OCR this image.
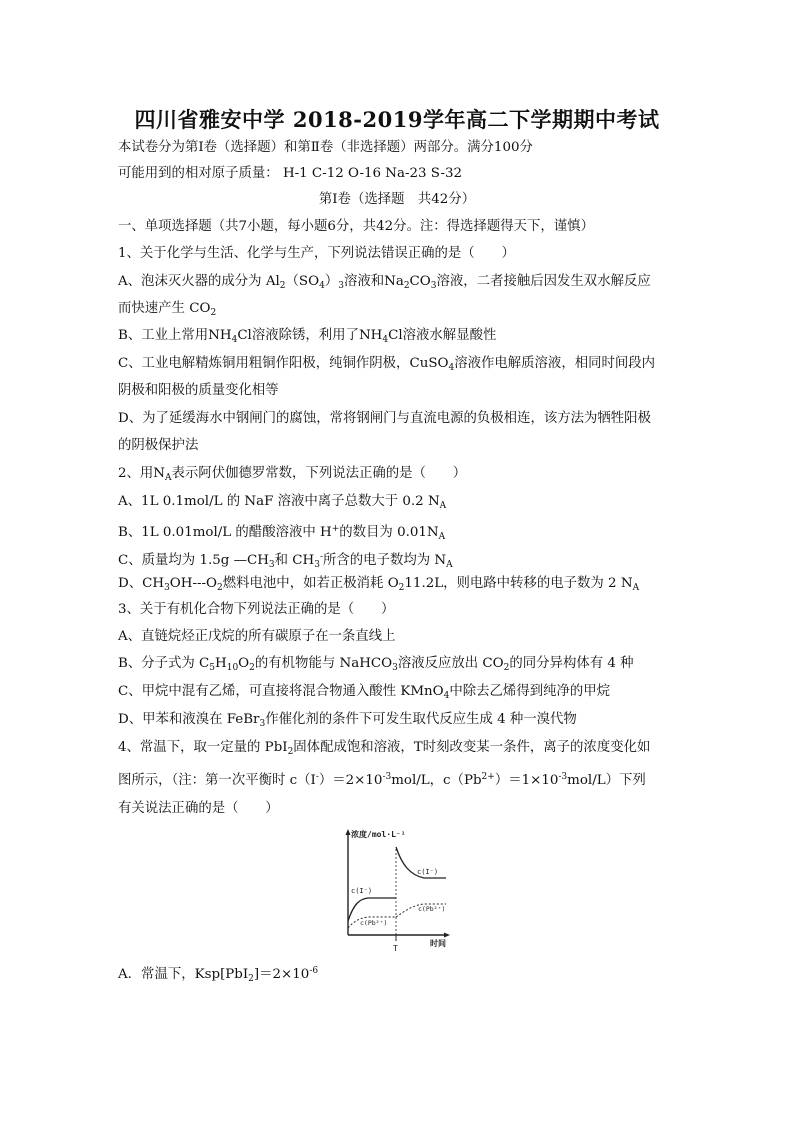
四川省雅安中学 2018-2019学年高二下学期期中考试
本试卷分为第Ⅰ卷（选择题）和第Ⅱ卷（非选择题）两部分。满分100分
可能用到的相对原子质量： H-1 C-12 O-16 Na-23 S-32
第Ⅰ卷（选择题　共42分）
一、单项选择题（共7小题，每小题6分，共42分。注：得选择题得天下，谨慎）
1、关于化学与生活、化学与生产，下列说法错误正确的是（　　）
A、泡沫灭火器的成分为 $Al_2(SO_4)_3$溶液和$Na_2CO_3$溶液，二者接触后因发生双水解反应
而快速产生 $CO_2$
B、工业上常用$NH_4Cl$溶液除锈，利用了$NH_4Cl$溶液水解显酸性
C、工业电解精炼铜用粗铜作阳极，纯铜作阴极，CuSO$_4$溶液作电解质溶液，相同时间段内
阴极和阳极的质量变化相等
D、为了延缓海水中钢闸门的腐蚀，常将钢闸门与直流电源的负极相连，该方法为牺牲阳极
的阴极保护法
2、用$N_A$表示阿伏伽德罗常数，下列说法正确的是（　　）
A、1L 0.1mol/L 的 NaF 溶液中离子总数大于 0.2 $N_A$
B、1L 0.01mol/L 的醋酸溶液中 H+的数目为 $0.01N_A$
C、质量均为 1.5g $—CH_3$和 $CH_3^-$所含的电子数均为 $N_A$
D、$CH_3OH---O_2$燃料电池中，如若正极消耗 $O_211.2L$，则电路中转移的电子数为 2 $N_A$
3、关于有机化合物下列说法正确的是（　　）
A、直链烷烃正戊烷的所有碳原子在一条直线上
B、分子式为 $C_5H_{10}O_2$的有机物能与 NaHCO$_3$溶液反应放出 $CO_2$的同分异构体有 4 种
C、甲烷中混有乙烯，可直接将混合物通入酸性 KMnO$_4$中除去乙烯得到纯净的甲烷
D、甲苯和液溴在 FeBr$_3$作催化剂的条件下可发生取代反应生成 4 种一溴代物
4、常温下，取一定量的 PbI$_2$固体配成饱和溶液，T时刻改变某一条件，离子的浓度变化如
图所示，（注：第一次平衡时 $c(I^-)=2\times 10^{-3}mol/L$，$c(Pb^{2+})=1\times 10^{-3}mol/L$）下列
有关说法正确的是（　　）
浓度/mol·L⁻¹
时间
T
c(I⁻)
c(Pb²⁺)
c(I⁻)
c(Pb²⁺)
A．常温下，$Ksp[PbI_2]=2\times 10^{-6}$
